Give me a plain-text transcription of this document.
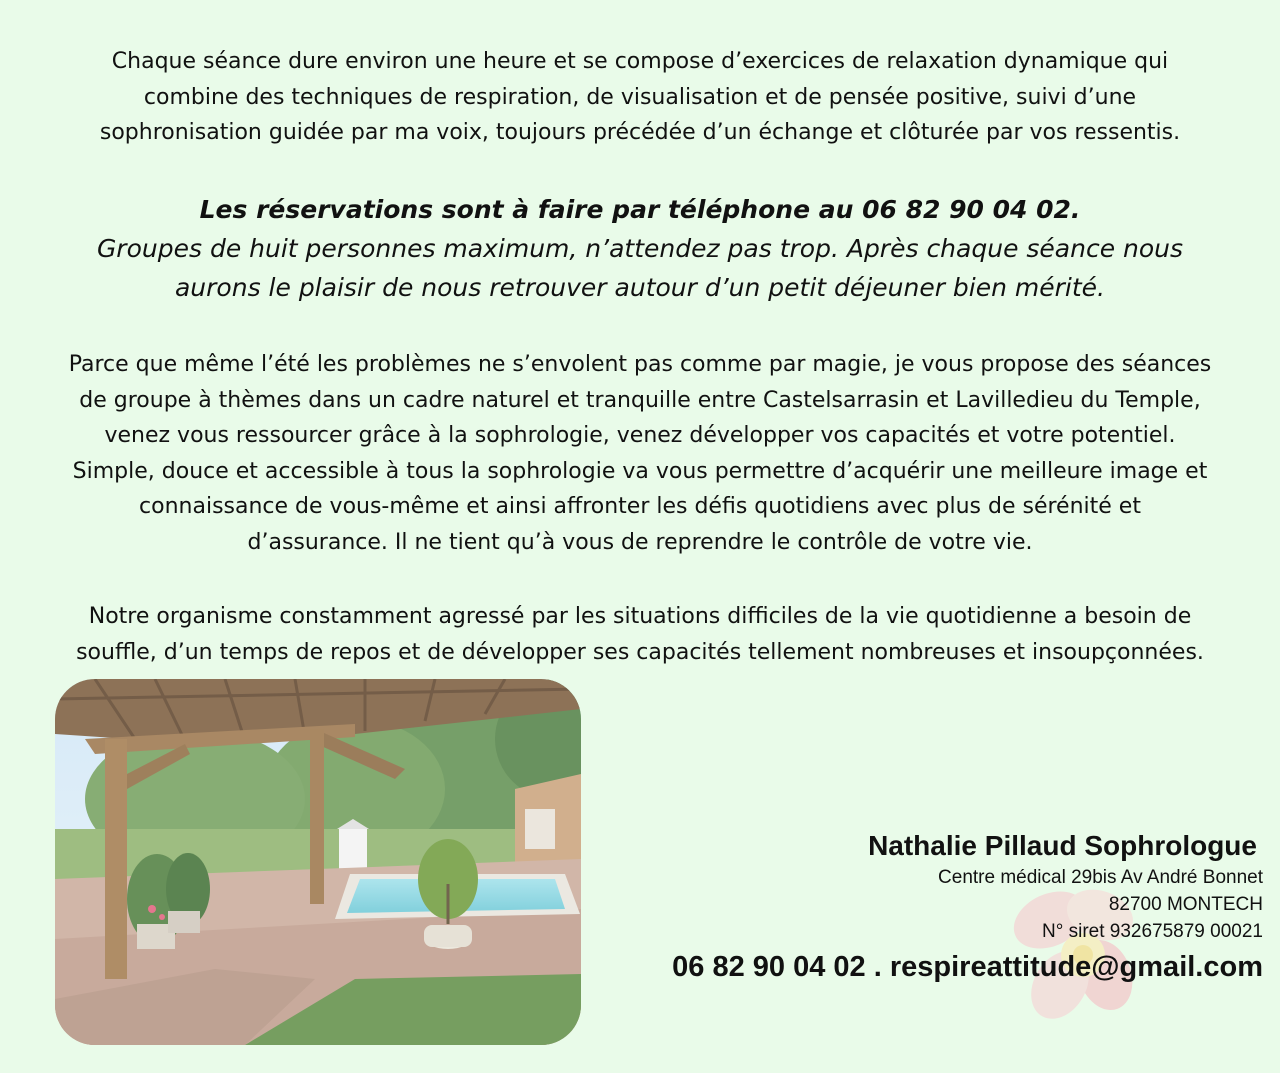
Chaque séance dure environ une heure et se compose d’exercices de relaxation dynamique qui
combine des techniques de respiration, de visualisation et de pensée positive, suivi d’une
sophronisation guidée par ma voix, toujours précédée d’un échange et clôturée par vos ressentis.
Les réservations sont à faire par téléphone au 06 82 90 04 02.
Groupes de huit personnes maximum, n’attendez pas trop. Après chaque séance nous
aurons le plaisir de nous retrouver autour d’un petit déjeuner bien mérité.
Parce que même l’été les problèmes ne s’envolent pas comme par magie, je vous propose des séances
de groupe à thèmes dans un cadre naturel et tranquille entre Castelsarrasin et Lavilledieu du Temple,
venez vous ressourcer grâce à la sophrologie, venez développer vos capacités et votre potentiel.
Simple, douce et accessible à tous la sophrologie va vous permettre d’acquérir une meilleure image et
connaissance de vous-même et ainsi affronter les défis quotidiens avec plus de sérénité et
d’assurance. Il ne tient qu’à vous de reprendre le contrôle de votre vie.
Notre organisme constamment agressé par les situations difficiles de la vie quotidienne a besoin de
souffle, d’un temps de repos et de développer ses capacités tellement nombreuses et insoupçonnées.
Nathalie Pillaud Sophrologue
Centre médical 29bis Av André Bonnet
82700 MONTECH
N° siret 932675879 00021
06 82 90 04 02 . respireattitude@gmail.com
